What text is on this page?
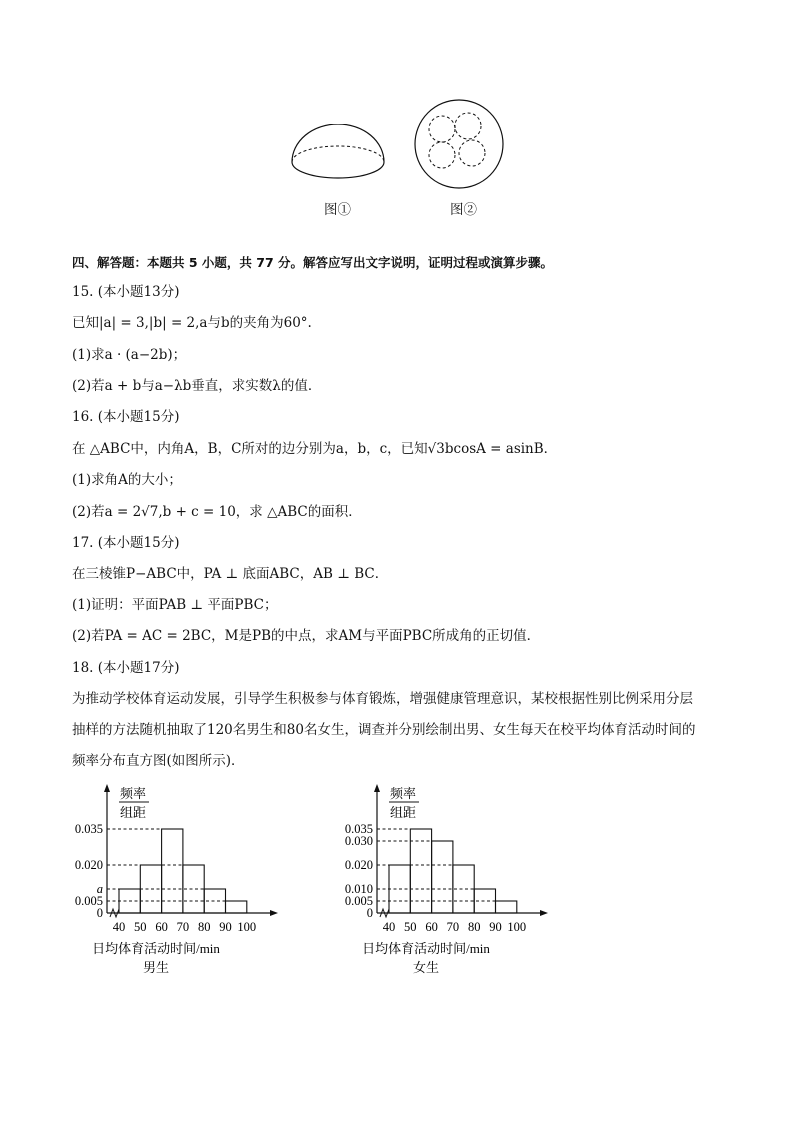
图①	图②
四、解答题：本题共 5 小题，共 77 分。解答应写出文字说明，证明过程或演算步骤。
15. (本小题13分)
已知|a| = 3,|b| = 2,a与b的夹角为60°.
(1)求a · (a−2b)；
(2)若a + b与a−λb垂直，求实数λ的值．
16. (本小题15分)
在 △ABC中，内角A，B，C所对的边分别为a，b，c，已知√3bcosA = asinB．
(1)求角A的大小；
(2)若a = 2√7,b + c = 10，求 △ABC的面积．
17. (本小题15分)
在三棱锥P−ABC中，PA ⊥ 底面ABC，AB ⊥ BC．
(1)证明：平面PAB ⊥ 平面PBC；
(2)若PA = AC = 2BC，M是PB的中点，求AM与平面PBC所成角的正切值．
18. (本小题17分)
为推动学校体育运动发展，引导学生积极参与体育锻炼，增强健康管理意识，某校根据性别比例采用分层
抽样的方法随机抽取了120名男生和80名女生，调查并分别绘制出男、女生每天在校平均体育活动时间的
频率分布直方图(如图所示)．
频率
组距
0.035
0.020
a
0.005
0
40 50 60 70 80 90 100
日均体育活动时间/min
男生
频率
组距
0.035
0.030
0.020
0.010
0.005
0
40 50 60 70 80 90 100
日均体育活动时间/min
女生
